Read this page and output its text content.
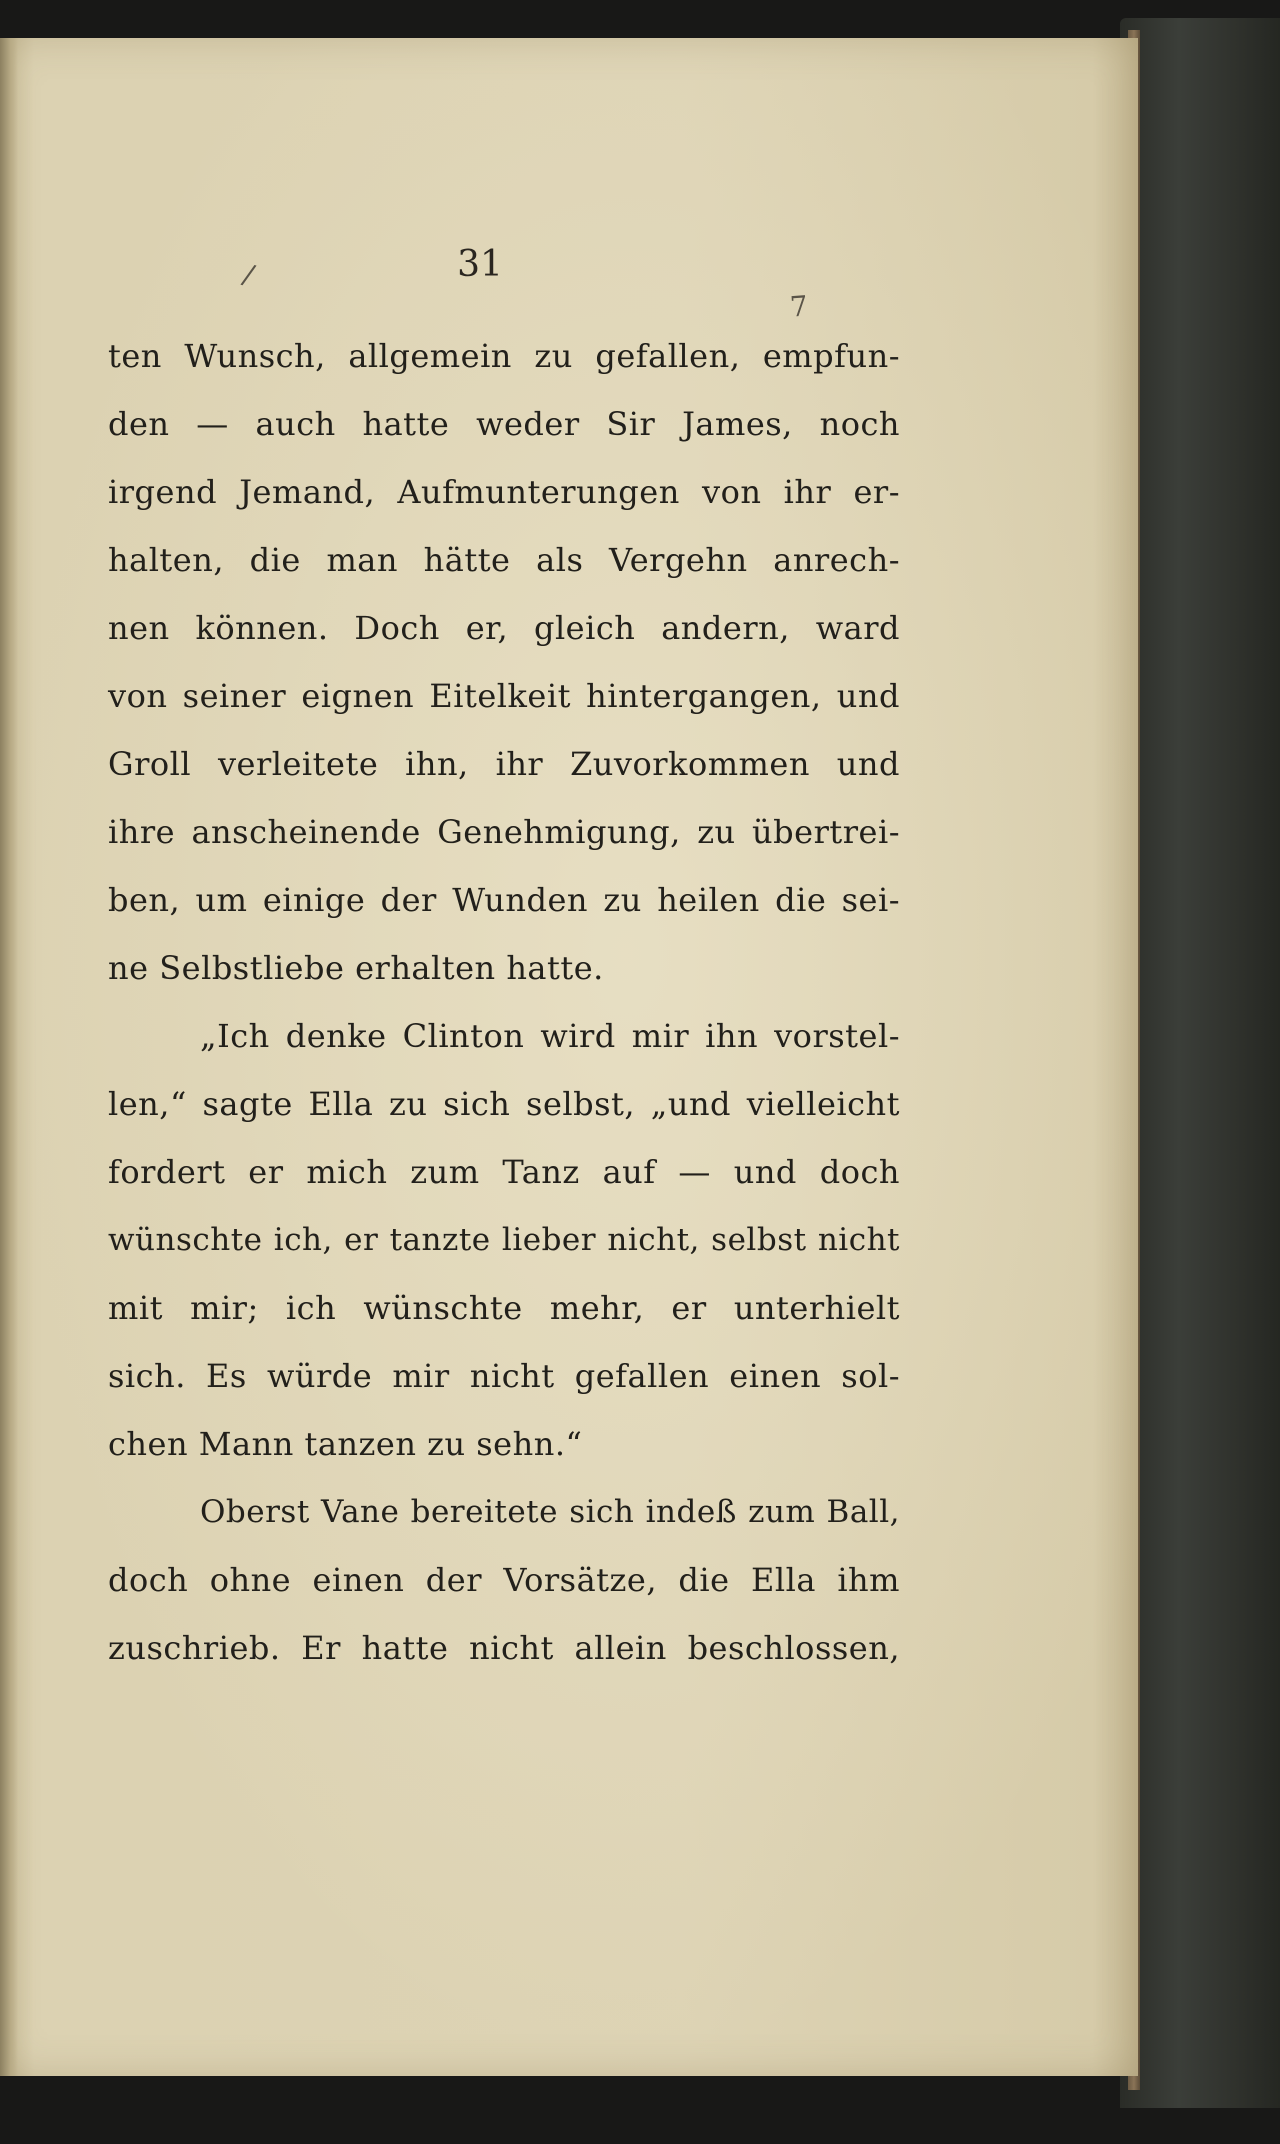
/
7
31
ten Wunsch, allgemein zu gefallen, empfun-
den — auch hatte weder Sir James, noch
irgend Jemand, Aufmunterungen von ihr er-
halten, die man hätte als Vergehn anrech-
nen können. Doch er, gleich andern, ward
von seiner eignen Eitelkeit hintergangen, und
Groll verleitete ihn, ihr Zuvorkommen und
ihre anscheinende Genehmigung, zu übertrei-
ben, um einige der Wunden zu heilen die sei-
ne Selbstliebe erhalten hatte.
„Ich denke Clinton wird mir ihn vorstel-
len,“ sagte Ella zu sich selbst, „und vielleicht
fordert er mich zum Tanz auf — und doch
wünschte ich, er tanzte lieber nicht, selbst nicht
mit mir; ich wünschte mehr, er unterhielt
sich. Es würde mir nicht gefallen einen sol-
chen Mann tanzen zu sehn.“
Oberst Vane bereitete sich indeß zum Ball,
doch ohne einen der Vorsätze, die Ella ihm
zuschrieb. Er hatte nicht allein beschlossen,
